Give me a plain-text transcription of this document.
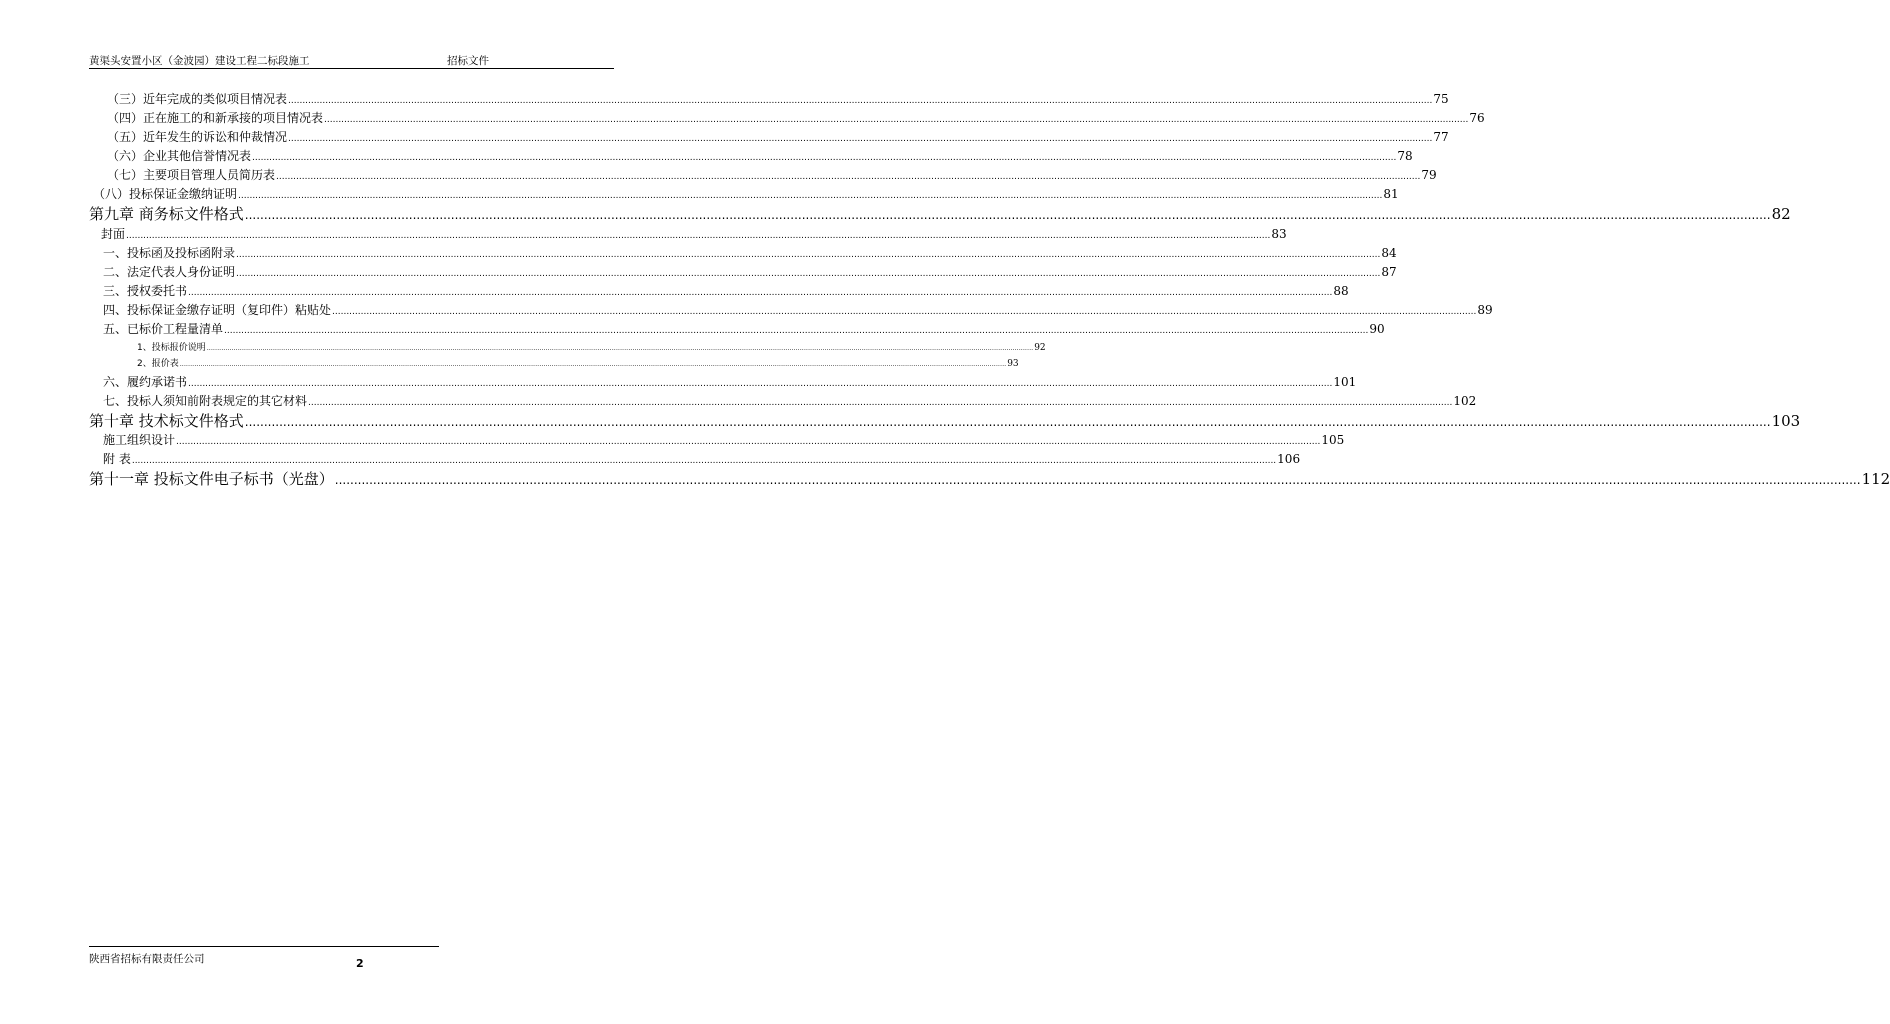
黄渠头安置小区（金波园）建设工程二标段施工	招标文件
（三）近年完成的类似项目情况表 ................................................................................................................................................................................................................................................................................................................................................................................................................ 75
（四）正在施工的和新承接的项目情况表 ................................................................................................................................................................................................................................................................................................................................................................................................................ 76
（五）近年发生的诉讼和仲裁情况 ................................................................................................................................................................................................................................................................................................................................................................................................................ 77
（六）企业其他信誉情况表 ................................................................................................................................................................................................................................................................................................................................................................................................................ 78
（七）主要项目管理人员简历表 ................................................................................................................................................................................................................................................................................................................................................................................................................ 79
（八）投标保证金缴纳证明 ................................................................................................................................................................................................................................................................................................................................................................................................................ 81
第九章 商务标文件格式 ................................................................................................................................................................................................................................................................................................................................................................................................................ 82
封面 ................................................................................................................................................................................................................................................................................................................................................................................................................ 83
一、投标函及投标函附录 ................................................................................................................................................................................................................................................................................................................................................................................................................ 84
二、法定代表人身份证明 ................................................................................................................................................................................................................................................................................................................................................................................................................ 87
三、授权委托书 ................................................................................................................................................................................................................................................................................................................................................................................................................ 88
四、投标保证金缴存证明（复印件）粘贴处 ................................................................................................................................................................................................................................................................................................................................................................................................................ 89
五、已标价工程量清单 ................................................................................................................................................................................................................................................................................................................................................................................................................ 90
1、投标报价说明 ................................................................................................................................................................................................................................................................................................................................................................................................................ 92
2、报价表 ................................................................................................................................................................................................................................................................................................................................................................................................................ 93
六、履约承诺书 ................................................................................................................................................................................................................................................................................................................................................................................................................ 101
七、投标人须知前附表规定的其它材料 ................................................................................................................................................................................................................................................................................................................................................................................................................ 102
第十章 技术标文件格式 ................................................................................................................................................................................................................................................................................................................................................................................................................ 103
施工组织设计 ................................................................................................................................................................................................................................................................................................................................................................................................................ 105
附 表 ................................................................................................................................................................................................................................................................................................................................................................................................................ 106
第十一章 投标文件电子标书（光盘） ................................................................................................................................................................................................................................................................................................................................................................................................................ 112
陕西省招标有限责任公司	2
